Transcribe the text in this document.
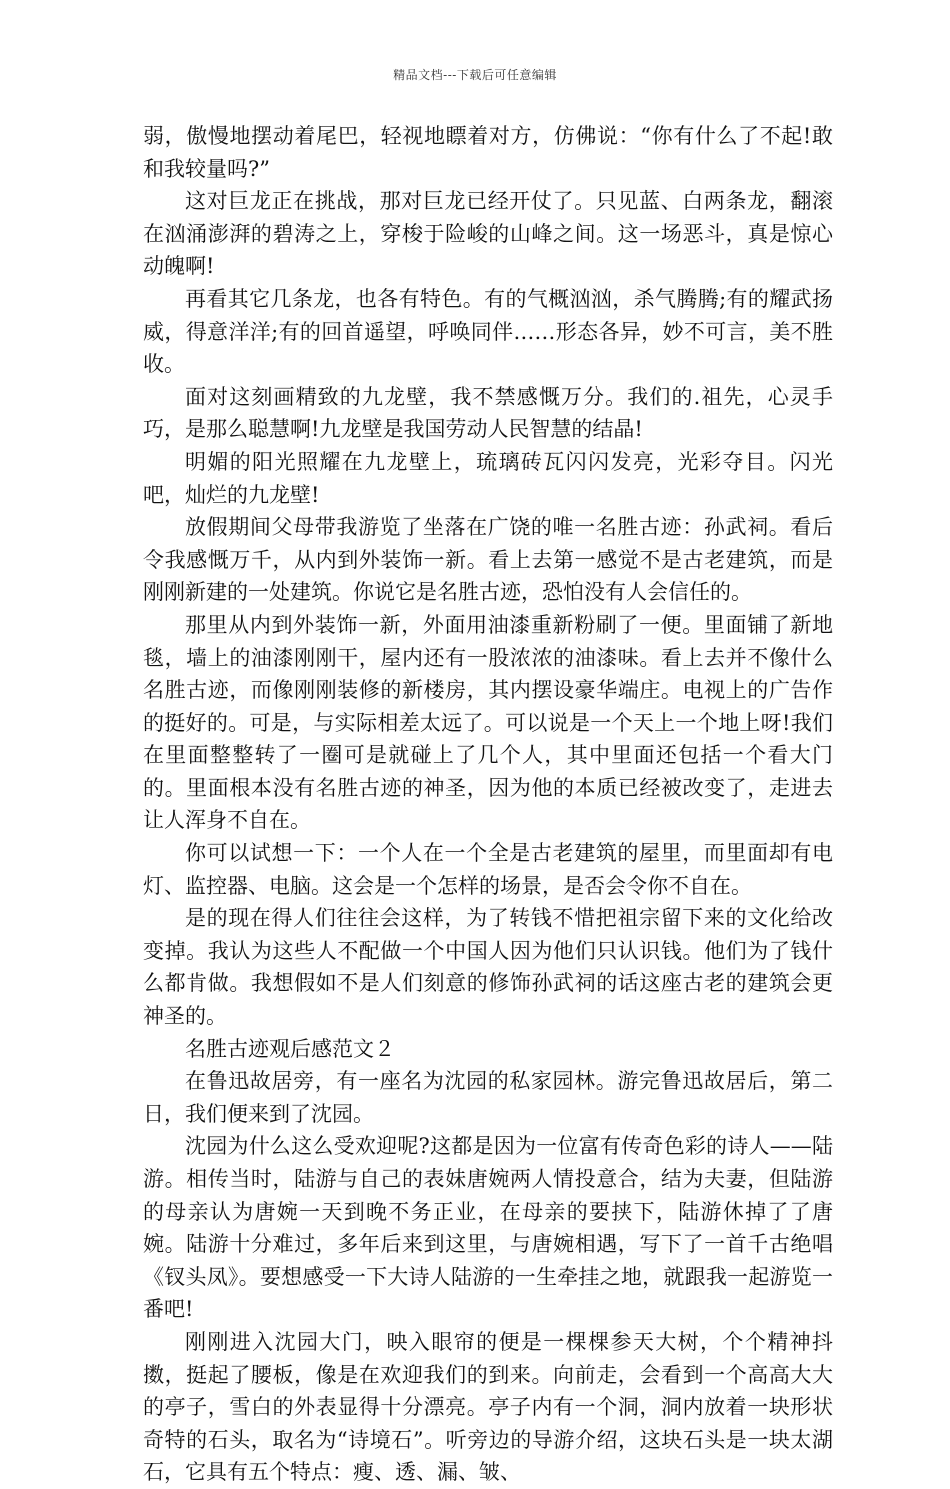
精品文档---下载后可任意编辑

弱，傲慢地摆动着尾巴，轻视地瞟着对方，仿佛说：“你有什么了不起!敢和我较量吗?”

这对巨龙正在挑战，那对巨龙已经开仗了。只见蓝、白两条龙，翻滚在汹涌澎湃的碧涛之上，穿梭于险峻的山峰之间。这一场恶斗，真是惊心动魄啊!

再看其它几条龙，也各有特色。有的气概汹汹，杀气腾腾;有的耀武扬威，得意洋洋;有的回首遥望，呼唤同伴……形态各异，妙不可言，美不胜收。

面对这刻画精致的九龙壁，我不禁感慨万分。我们的.祖先，心灵手巧，是那么聪慧啊!九龙壁是我国劳动人民智慧的结晶!

明媚的阳光照耀在九龙壁上，琉璃砖瓦闪闪发亮，光彩夺目。闪光吧，灿烂的九龙壁!

放假期间父母带我游览了坐落在广饶的唯一名胜古迹：孙武祠。看后令我感慨万千，从内到外装饰一新。看上去第一感觉不是古老建筑，而是刚刚新建的一处建筑。你说它是名胜古迹，恐怕没有人会信任的。

那里从内到外装饰一新，外面用油漆重新粉刷了一便。里面铺了新地毯，墙上的油漆刚刚干，屋内还有一股浓浓的油漆味。看上去并不像什么名胜古迹，而像刚刚装修的新楼房，其内摆设豪华端庄。电视上的广告作的挺好的。可是，与实际相差太远了。可以说是一个天上一个地上呀!我们在里面整整转了一圈可是就碰上了几个人，其中里面还包括一个看大门的。里面根本没有名胜古迹的神圣，因为他的本质已经被改变了，走进去让人浑身不自在。

你可以试想一下：一个人在一个全是古老建筑的屋里，而里面却有电灯、监控器、电脑。这会是一个怎样的场景，是否会令你不自在。

是的现在得人们往往会这样，为了转钱不惜把祖宗留下来的文化给改变掉。我认为这些人不配做一个中国人因为他们只认识钱。他们为了钱什么都肯做。我想假如不是人们刻意的修饰孙武祠的话这座古老的建筑会更神圣的。

名胜古迹观后感范文２

在鲁迅故居旁，有一座名为沈园的私家园林。游完鲁迅故居后，第二日，我们便来到了沈园。

沈园为什么这么受欢迎呢?这都是因为一位富有传奇色彩的诗人——陆游。相传当时，陆游与自己的表妹唐婉两人情投意合，结为夫妻，但陆游的母亲认为唐婉一天到晚不务正业，在母亲的要挟下，陆游休掉了了唐婉。陆游十分难过，多年后来到这里，与唐婉相遇，写下了一首千古绝唱《钗头凤》。要想感受一下大诗人陆游的一生牵挂之地，就跟我一起游览一番吧!

刚刚进入沈园大门，映入眼帘的便是一棵棵参天大树，个个精神抖擞，挺起了腰板，像是在欢迎我们的到来。向前走，会看到一个高高大大的亭子，雪白的外表显得十分漂亮。亭子内有一个洞，洞内放着一块形状奇特的石头，取名为“诗境石”。听旁边的导游介绍，这块石头是一块太湖石，它具有五个特点：瘦、透、漏、皱、
